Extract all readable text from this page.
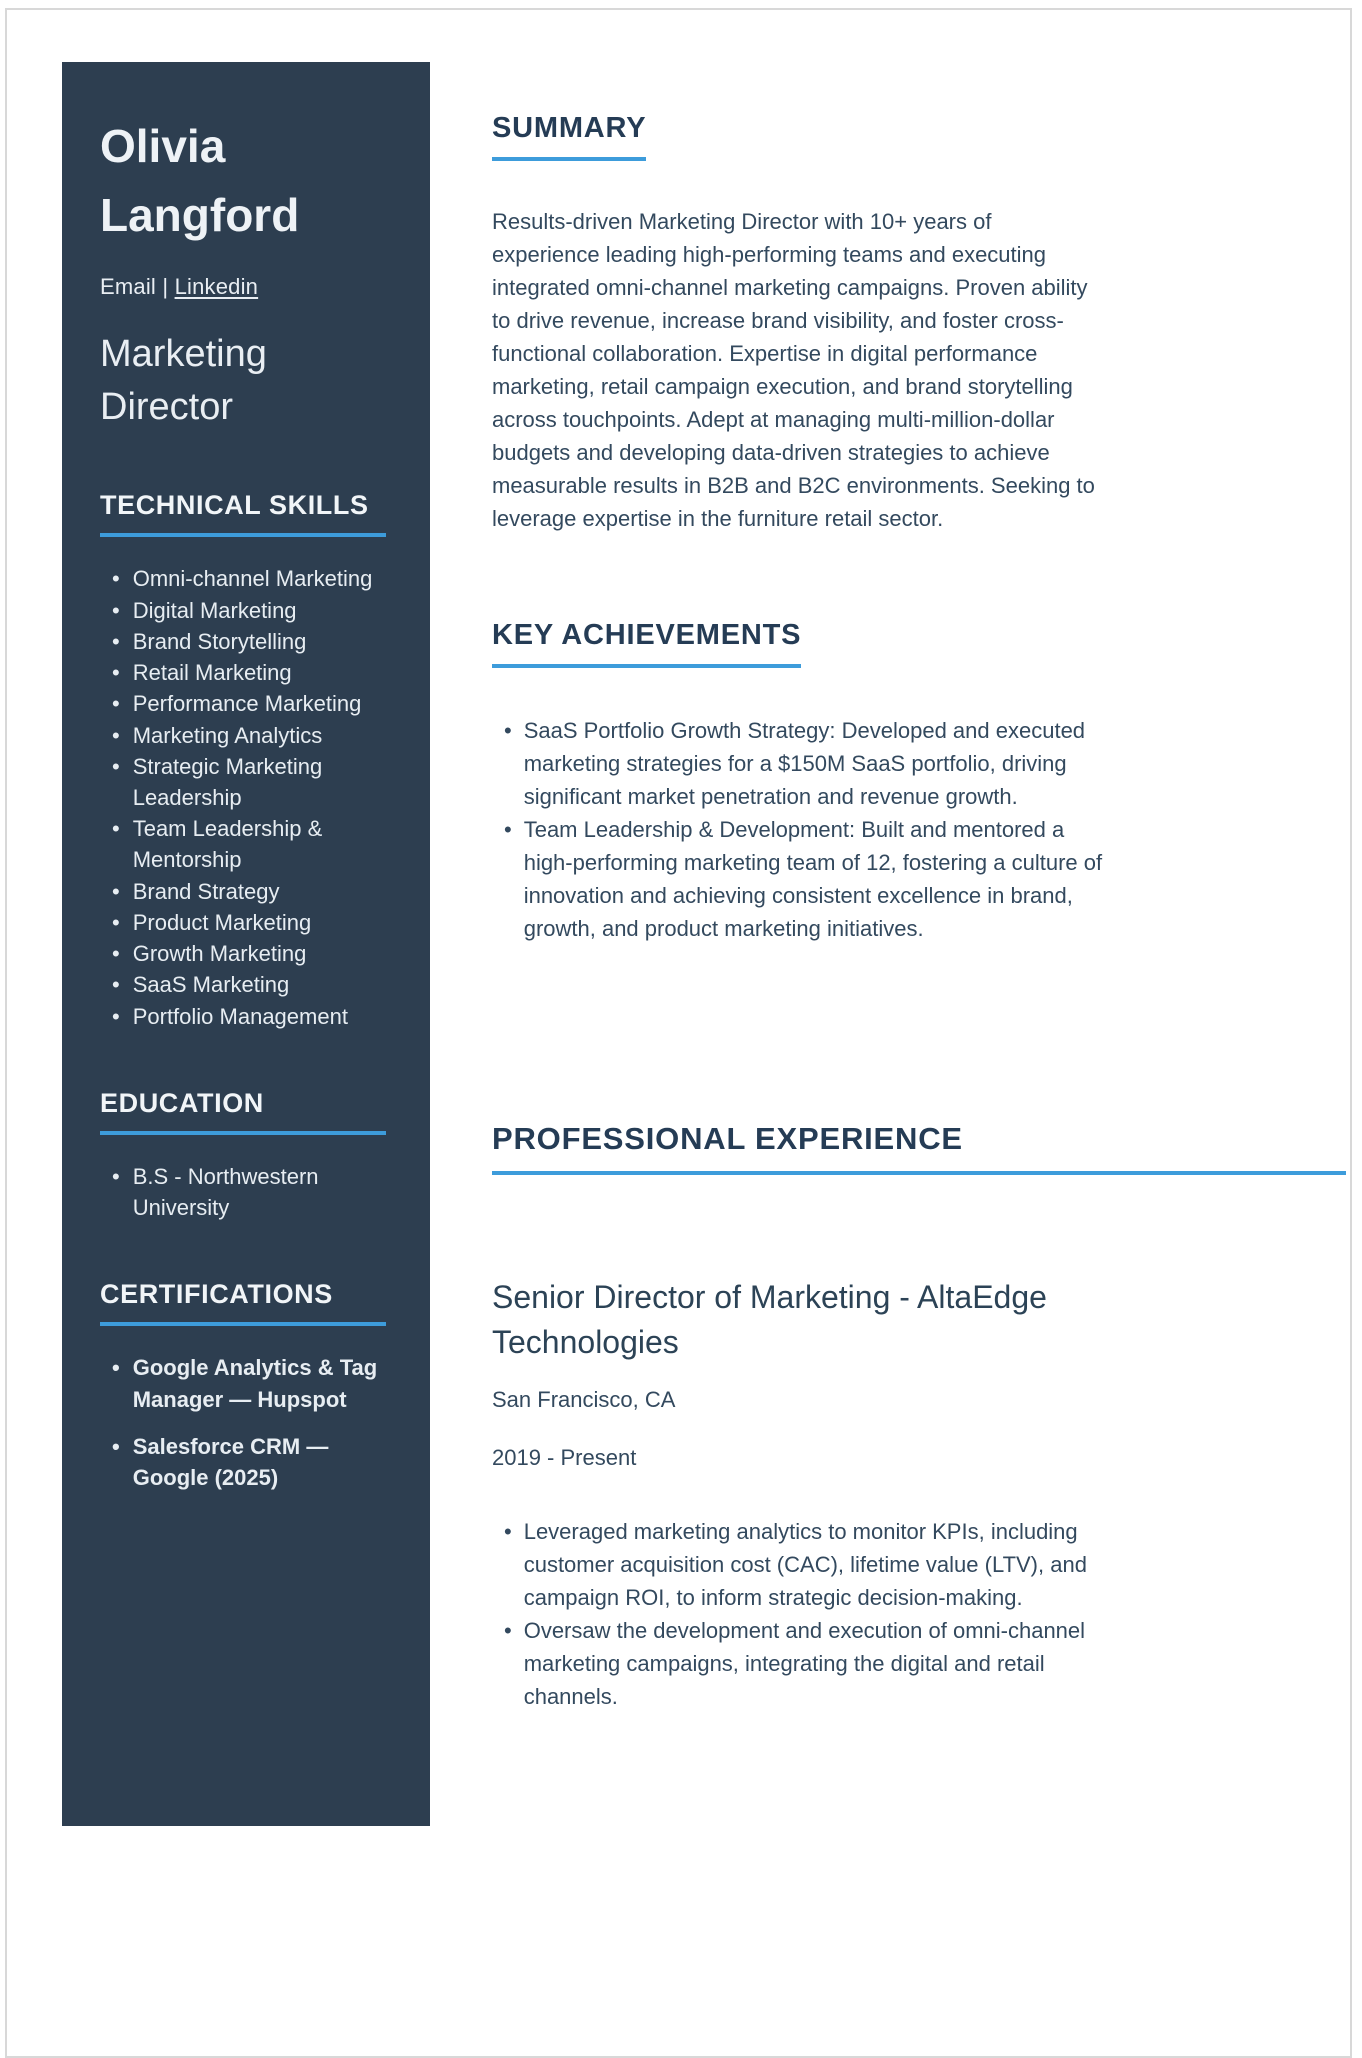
Olivia Langford
Email | Linkedin
Marketing Director
TECHNICAL SKILLS
• Omni-channel Marketing
• Digital Marketing
• Brand Storytelling
• Retail Marketing
• Performance Marketing
• Marketing Analytics
• Strategic Marketing Leadership
• Team Leadership & Mentorship
• Brand Strategy
• Product Marketing
• Growth Marketing
• SaaS Marketing
• Portfolio Management
EDUCATION
• B.S - Northwestern University
CERTIFICATIONS
• Google Analytics & Tag Manager — Hupspot
• Salesforce CRM — Google (2025)
SUMMARY

Results-driven Marketing Director with 10+ years of experience leading high-performing teams and executing integrated omni-channel marketing campaigns. Proven ability to drive revenue, increase brand visibility, and foster cross-functional collaboration. Expertise in digital performance marketing, retail campaign execution, and brand storytelling across touchpoints. Adept at managing multi-million-dollar budgets and developing data-driven strategies to achieve measurable results in B2B and B2C environments. Seeking to leverage expertise in the furniture retail sector.

KEY ACHIEVEMENTS
• SaaS Portfolio Growth Strategy: Developed and executed marketing strategies for a $150M SaaS portfolio, driving significant market penetration and revenue growth.
• Team Leadership & Development: Built and mentored a high-performing marketing team of 12, fostering a culture of innovation and achieving consistent excellence in brand, growth, and product marketing initiatives.
PROFESSIONAL EXPERIENCE
Senior Director of Marketing - AltaEdge Technologies
San Francisco, CA
2019 - Present
• Leveraged marketing analytics to monitor KPIs, including customer acquisition cost (CAC), lifetime value (LTV), and campaign ROI, to inform strategic decision-making.
• Oversaw the development and execution of omni-channel marketing campaigns, integrating the digital and retail channels.
